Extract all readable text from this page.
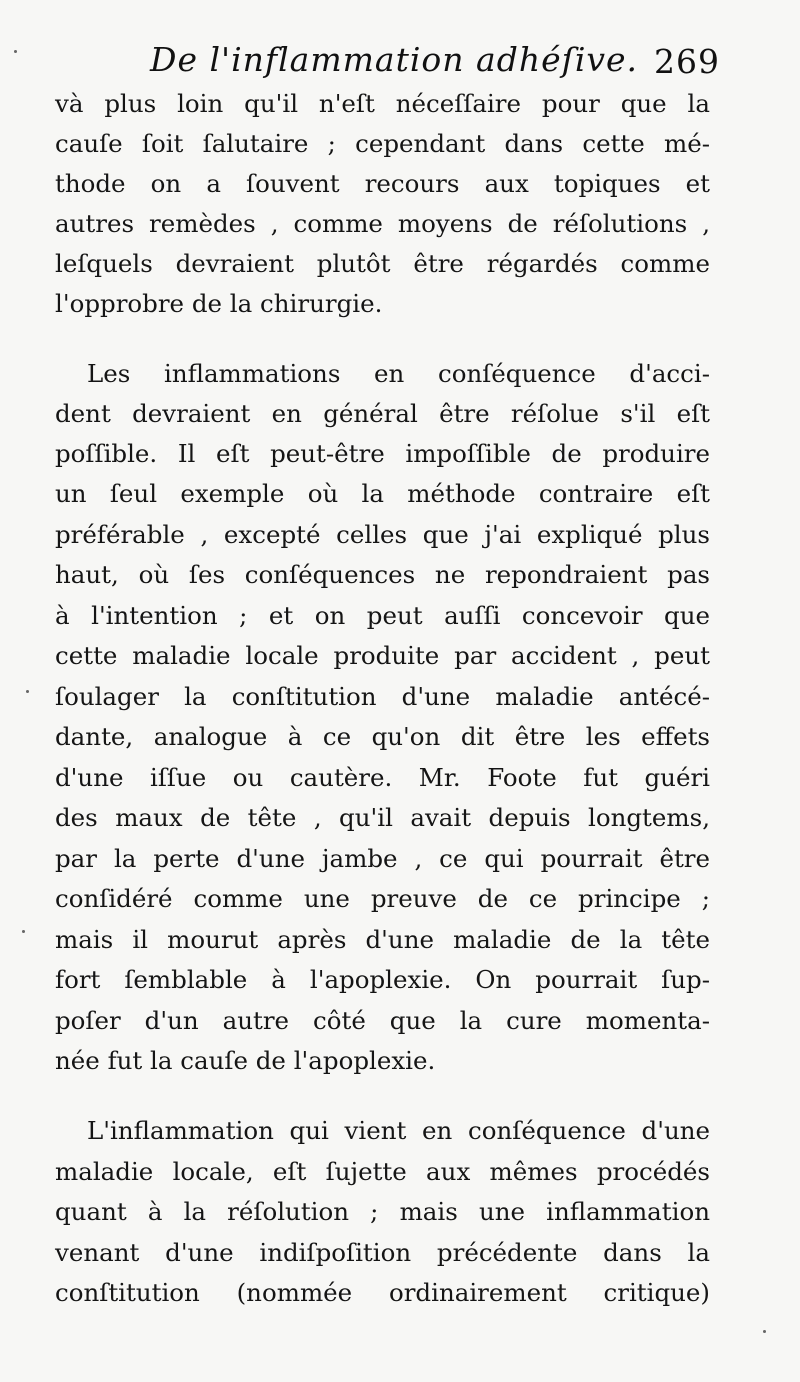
De l'inflammation adhéſive. 269
và plus loin qu'il n'eſt néceſſaire pour que la
cauſe ſoit ſalutaire ; cependant dans cette mé-
thode on a ſouvent recours aux topiques et
autres remèdes , comme moyens de réſolutions ,
leſquels devraient plutôt être régardés comme
l'opprobre de la chirurgie.
Les inflammations en conſéquence d'acci-
dent devraient en général être réſolue s'il eſt
poſſible. Il eſt peut-être impoſſible de produire
un ſeul exemple où la méthode contraire eſt
préférable , excepté celles que j'ai expliqué plus
haut, où ſes conſéquences ne repondraient pas
à l'intention ; et on peut auſſi concevoir que
cette maladie locale produite par accident , peut
ſoulager la conſtitution d'une maladie antécé-
dante, analogue à ce qu'on dit être les effets
d'une iſſue ou cautère. Mr. Foote fut guéri
des maux de tête , qu'il avait depuis longtems,
par la perte d'une jambe , ce qui pourrait être
conſidéré comme une preuve de ce principe ;
mais il mourut après d'une maladie de la tête
fort ſemblable à l'apoplexie. On pourrait ſup-
poſer d'un autre côté que la cure momenta-
née fut la cauſe de l'apoplexie.
L'inflammation qui vient en conſéquence d'une
maladie locale, eſt ſujette aux mêmes procédés
quant à la réſolution ; mais une inflammation
venant d'une indiſpoſition précédente dans la
conſtitution (nommée ordinairement critique)
